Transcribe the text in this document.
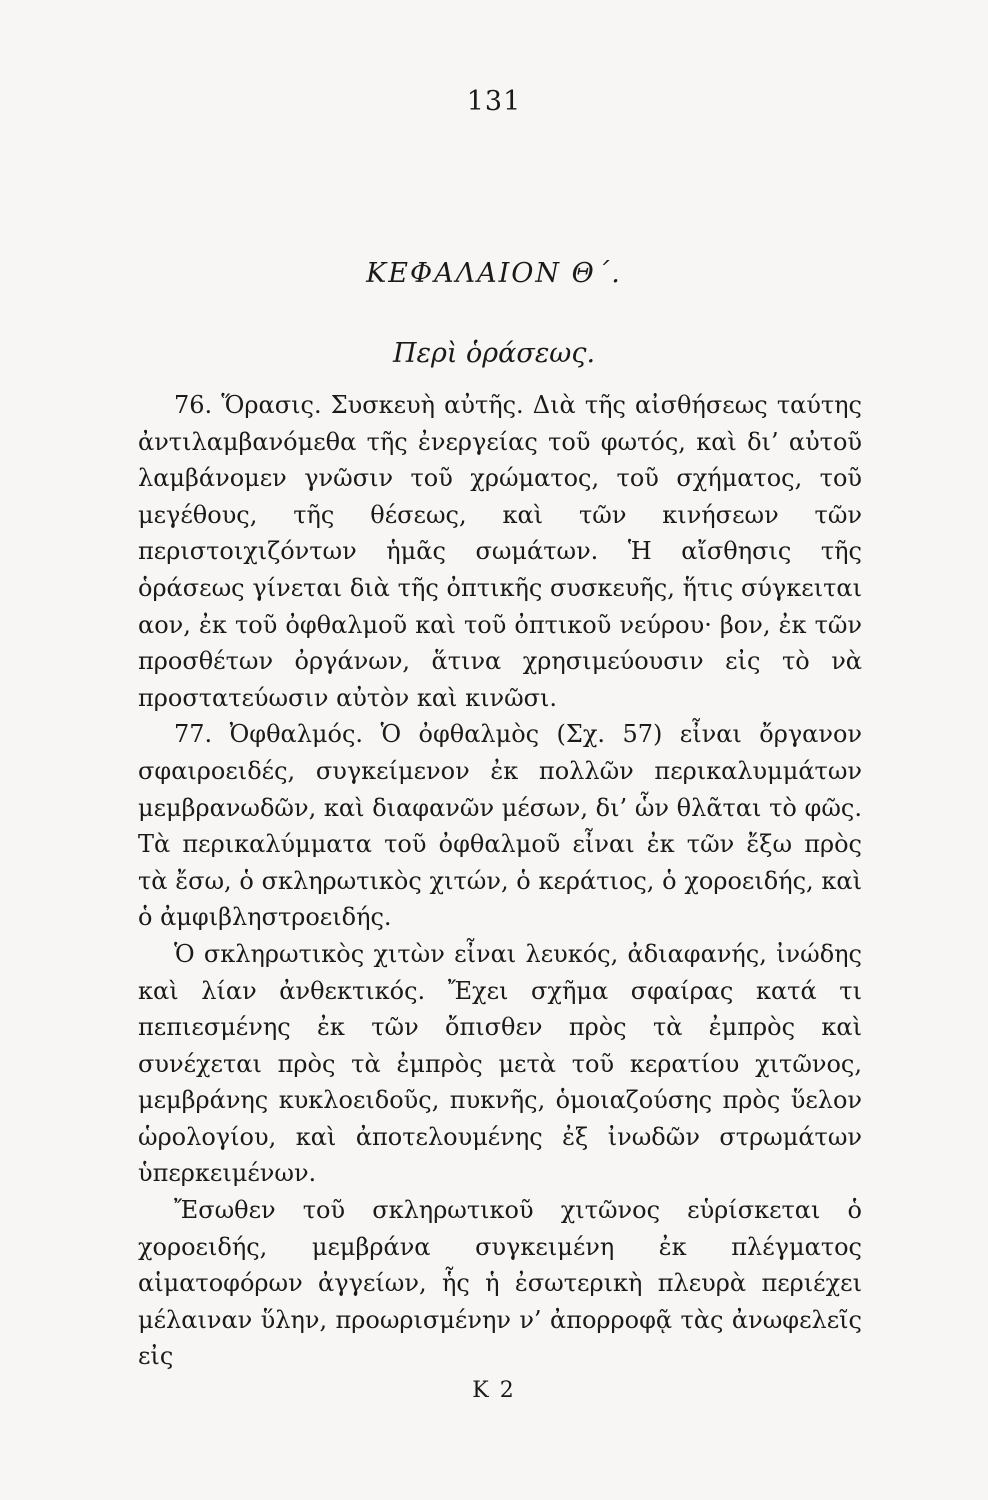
131
ΚΕΦΑΛΑΙΟΝ Θ΄.
Περὶ ὁράσεως.

76. Ὅρασις. Συσκευὴ αὐτῆς. Διὰ τῆς αἰσθήσεως ταύτης ἀντιλαμβανόμεθα τῆς ἐνεργείας τοῦ φωτός, καὶ δι’ αὐτοῦ λαμβάνομεν γνῶσιν τοῦ χρώματος, τοῦ σχήματος, τοῦ μεγέθους, τῆς θέσεως, καὶ τῶν κινήσεων τῶν περιστοιχιζόντων ἡμᾶς σωμάτων. Ἡ αἴσθησις τῆς ὁράσεως γίνεται διὰ τῆς ὀπτικῆς συσκευῆς, ἥτις σύγκειται αον, ἐκ τοῦ ὀφθαλμοῦ καὶ τοῦ ὀπτικοῦ νεύρου· βον, ἐκ τῶν προσθέτων ὀργάνων, ἅτινα χρησιμεύουσιν εἰς τὸ νὰ προστατεύωσιν αὐτὸν καὶ κινῶσι.

77. Ὀφθαλμός. Ὁ ὀφθαλμὸς (Σχ. 57) εἶναι ὄργανον σφαιροειδές, συγκείμενον ἐκ πολλῶν περικαλυμμάτων μεμβρανωδῶν, καὶ διαφανῶν μέσων, δι’ ὧν θλᾶται τὸ φῶς. Τὰ περικαλύμματα τοῦ ὀφθαλμοῦ εἶναι ἐκ τῶν ἔξω πρὸς τὰ ἔσω, ὁ σκληρωτικὸς χιτών, ὁ κεράτιος, ὁ χοροειδής, καὶ ὁ ἀμφιβληστροειδής.

Ὁ σκληρωτικὸς χιτὼν εἶναι λευκός, ἀδιαφανής, ἰνώδης καὶ λίαν ἀνθεκτικός. Ἔχει σχῆμα σφαίρας κατά τι πεπιεσμένης ἐκ τῶν ὄπισθεν πρὸς τὰ ἐμπρὸς καὶ συνέχεται πρὸς τὰ ἐμπρὸς μετὰ τοῦ κερατίου χιτῶνος, μεμβράνης κυκλοειδοῦς, πυκνῆς, ὁμοιαζούσης πρὸς ὕελον ὡρολογίου, καὶ ἀποτελουμένης ἐξ ἰνωδῶν στρωμάτων ὑπερκειμένων.

Ἔσωθεν τοῦ σκληρωτικοῦ χιτῶνος εὑρίσκεται ὁ χοροειδής, μεμβράνα συγκειμένη ἐκ πλέγματος αἱματοφόρων ἀγγείων, ἧς ἡ ἐσωτερικὴ πλευρὰ περιέχει μέλαιναν ὕλην, προωρισμένην ν’ ἀπορροφᾷ τὰς ἀνωφελεῖς εἰς

Κ 2
